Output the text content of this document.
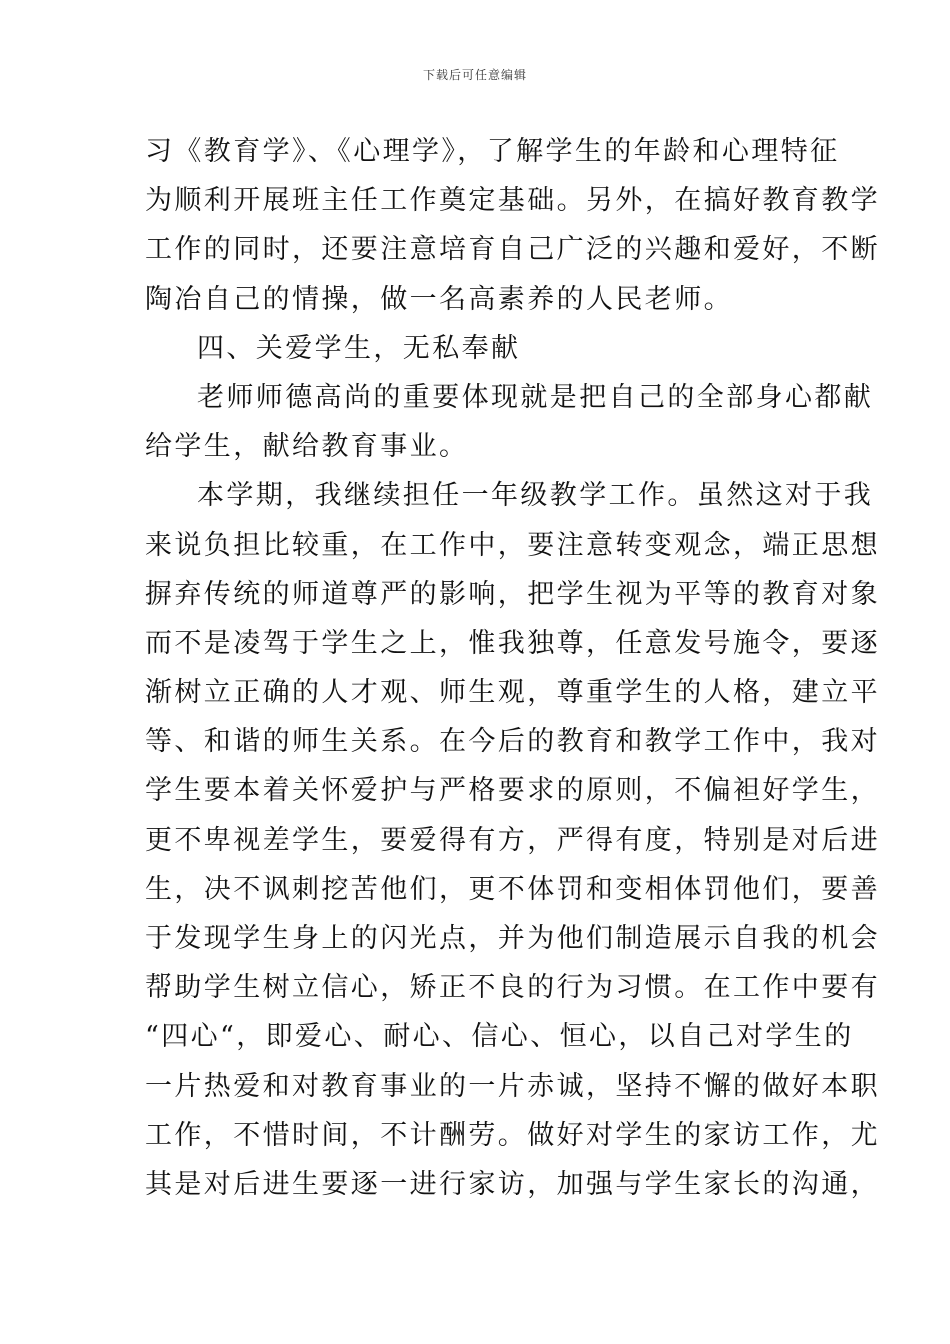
下载后可任意编辑
习《教育学》、《心理学》，了解学生的年龄和心理特征
为顺利开展班主任工作奠定基础。另外，在搞好教育教学
工作的同时，还要注意培育自己广泛的兴趣和爱好，不断
陶冶自己的情操，做一名高素养的人民老师。
四、关爱学生，无私奉献
老师师德高尚的重要体现就是把自己的全部身心都献
给学生，献给教育事业。
本学期，我继续担任一年级教学工作。虽然这对于我
来说负担比较重，在工作中，要注意转变观念，端正思想
摒弃传统的师道尊严的影响，把学生视为平等的教育对象
而不是凌驾于学生之上，惟我独尊，任意发号施令，要逐
渐树立正确的人才观、师生观，尊重学生的人格，建立平
等、和谐的师生关系。在今后的教育和教学工作中，我对
学生要本着关怀爱护与严格要求的原则，不偏袒好学生，
更不卑视差学生，要爱得有方，严得有度，特别是对后进
生，决不讽刺挖苦他们，更不体罚和变相体罚他们，要善
于发现学生身上的闪光点，并为他们制造展示自我的机会
帮助学生树立信心，矫正不良的行为习惯。在工作中要有
“四心“，即爱心、耐心、信心、恒心，以自己对学生的
一片热爱和对教育事业的一片赤诚，坚持不懈的做好本职
工作，不惜时间，不计酬劳。做好对学生的家访工作，尤
其是对后进生要逐一进行家访，加强与学生家长的沟通，
